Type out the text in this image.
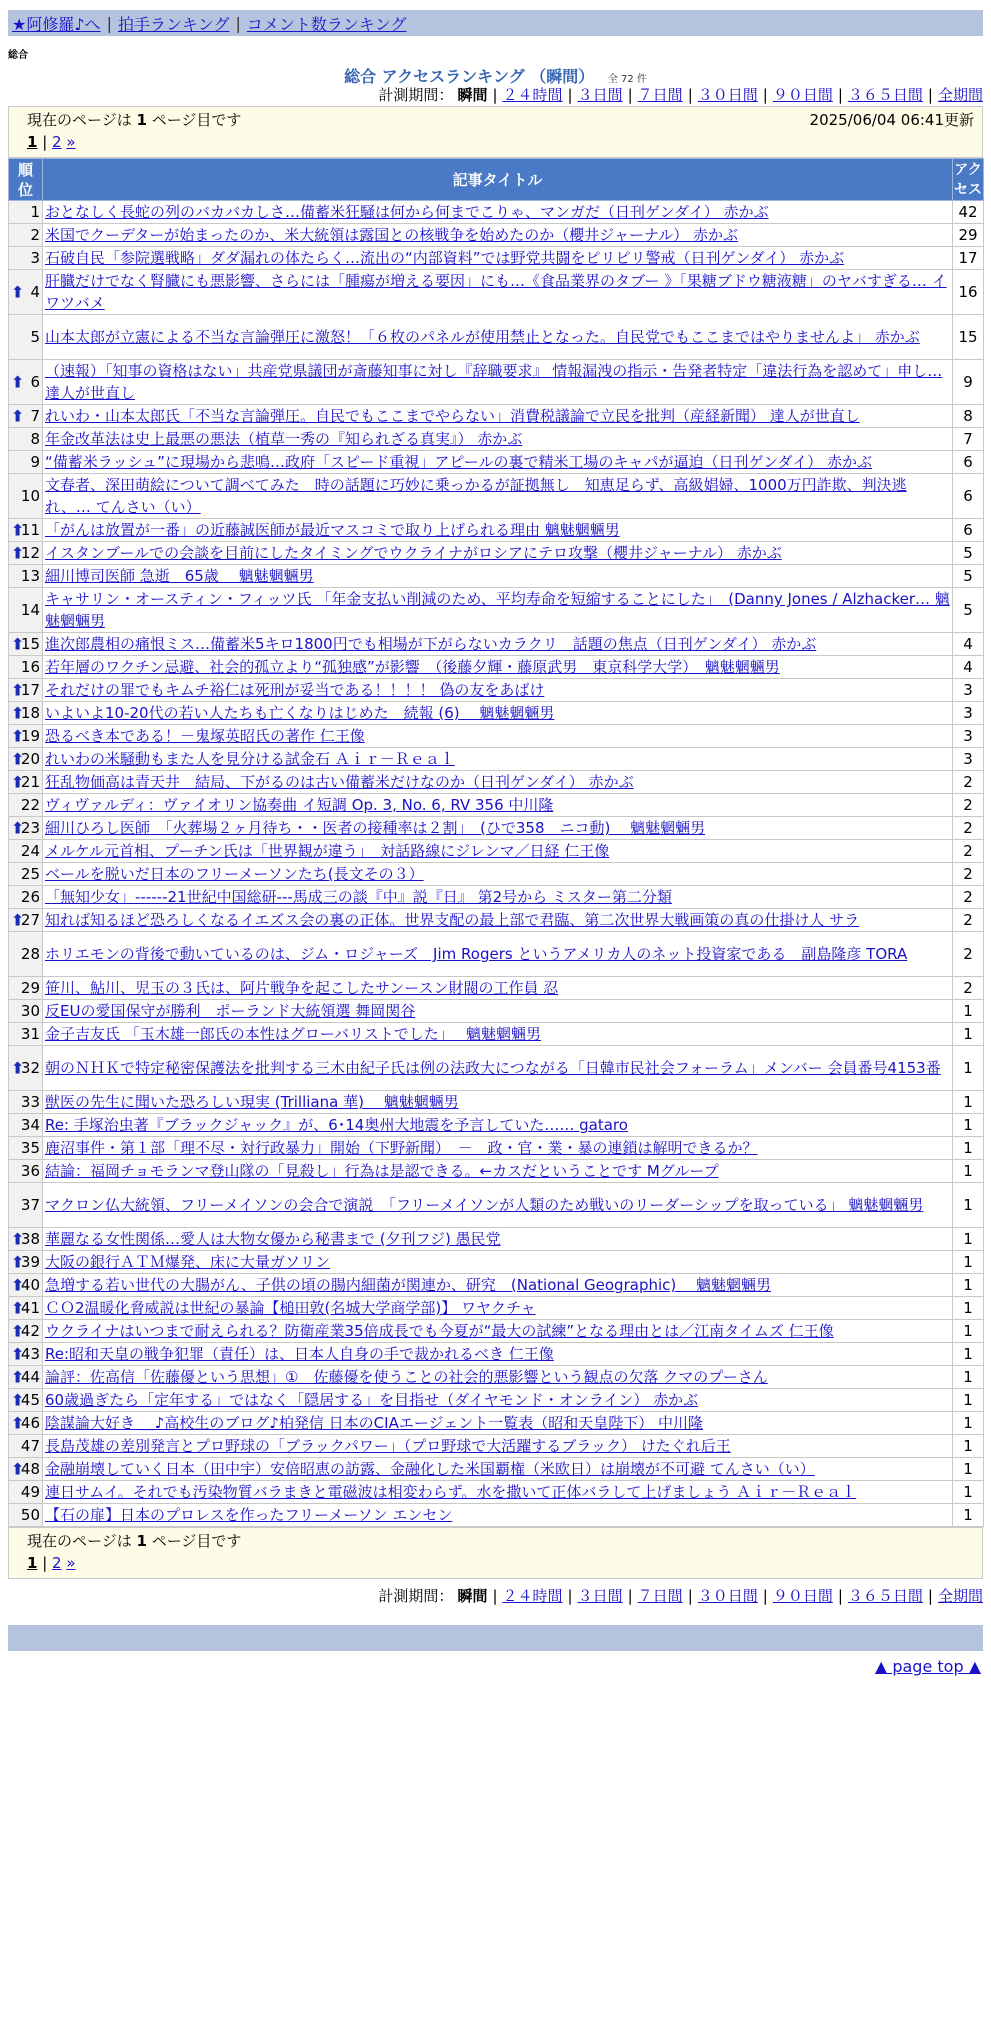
★阿修羅♪へ | 拍手ランキング | コメント数ランキング
総合
総合 アクセスランキング （瞬間） 全 72 件
計測期間： 瞬間 | ２４時間 | ３日間 | ７日間 | ３０日間 | ９０日間 | ３６５日間 | 全期間
現在のページは 1 ページ目です	2025/06/04 06:41更新
1 | 2 »
順位	記事タイトル	アクセス

1	おとなしく長蛇の列のバカバカしさ…備蓄米狂騒は何から何までこりゃ、マンガだ（日刊ゲンダイ） 赤かぶ	42
2	米国でクーデターが始まったのか、米大統領は露国との核戦争を始めたのか（櫻井ジャーナル） 赤かぶ	29
3	石破自民「参院選戦略」ダダ漏れの体たらく…流出の“内部資料”では野党共闘をピリピリ警戒（日刊ゲンダイ） 赤かぶ	17

⬆ 4	肝臓だけでなく腎臓にも悪影響、さらには「腫瘍が増える要因」にも…《食品業界のタブー 》「果糖ブドウ糖液糖」のヤバすぎる… イワツバメ	16
5	山本太郎が立憲による不当な言論弾圧に激怒！「６枚のパネルが使用禁止となった。自民党でもここまではやりませんよ」 赤かぶ	15

⬆ 6	（速報）「知事の資格はない」共産党県議団が斎藤知事に対し『辞職要求』 情報漏洩の指示・告発者特定「違法行為を認めて」申し… 達人が世直し	9

⬆ 7	れいわ・山本太郎氏「不当な言論弾圧。自民でもここまでやらない」消費税議論で立民を批判（産経新聞） 達人が世直し	8
8	年金改革法は史上最悪の悪法（植草一秀の『知られざる真実』） 赤かぶ	7
9	“備蓄米ラッシュ”に現場から悲鳴…政府「スピード重視」アピールの裏で精米工場のキャパが逼迫（日刊ゲンダイ） 赤かぶ	6
10	文春者、深田萌絵について調べてみた　時の話題に巧妙に乗っかるが証拠無し　知恵足らず、高級娼婦、1000万円詐欺、判決逃れ、… てんさい（い）	6

⬆
11	「がんは放置が一番」の近藤誠医師が最近マスコミで取り上げられる理由 魑魅魍魎男	6

⬆
12	イスタンブールでの会談を目前にしたタイミングでウクライナがロシアにテロ攻撃（櫻井ジャーナル） 赤かぶ	5
13	細川博司医師 急逝　65歳　 魑魅魍魎男	5
14	キャサリン・オースティン・フィッツ氏 「年金支払い削減のため、平均寿命を短縮することにした」　(Danny Jones / Alzhacker… 魑魅魍魎男	5

⬆
15	進次郎農相の痛恨ミス…備蓄米5キロ1800円でも相場が下がらないカラクリ　話題の焦点（日刊ゲンダイ） 赤かぶ	4
16	若年層のワクチン忌避、社会的孤立より“孤独感”が影響　（後藤夕輝・藤原武男　東京科学大学）　魑魅魍魎男	4

⬆
17	それだけの罪でもキムチ裕仁は死刑が妥当である！！！！ 偽の友をあばけ	3

⬆
18	いよいよ10-20代の若い人たちも亡くなりはじめた　続報 (6)　 魑魅魍魎男	3

⬆
19	恐るべき本である！－鬼塚英昭氏の著作 仁王像	3

⬆
20	れいわの米騒動もまた人を見分ける試金石 Ａｉｒ－Ｒｅａｌ	3

⬆
21	狂乱物価高は青天井　結局、下がるのは古い備蓄米だけなのか（日刊ゲンダイ） 赤かぶ	2
22	ヴィヴァルディ：ヴァイオリン協奏曲 イ短調 Op. 3, No. 6, RV 356 中川隆	2

⬆
23	細川ひろし医師　「火葬場２ヶ月待ち・・医者の接種率は２割」　(ひで358　ニコ動)　 魑魅魍魎男	2
24	メルケル元首相、プーチン氏は「世界観が違う」　対話路線にジレンマ／日経 仁王像	2
25	ベールを脱いだ日本のフリーメーソンたち(長文その３）	2
26	「無知少女」------21世紀中国総研---馬成三の談『中』説『日』 第2号から ミスター第二分類	2

⬆
27	知れば知るほど恐ろしくなるイエズス会の裏の正体。世界支配の最上部で君臨、第二次世界大戦画策の真の仕掛け人 サラ	2
28	ホリエモンの背後で動いているのは、ジム・ロジャーズ　Jim Rogers というアメリカ人のネット投資家である　副島隆彦 TORA	2
29	笹川、鮎川、児玉の３氏は、阿片戦争を起こしたサンースン財閥の工作員 忍	2
30	反EUの愛国保守が勝利　ポーランド大統領選 舞岡関谷	1
31	金子吉友氏 「玉木雄一郎氏の本性はグローバリストでした」　 魑魅魍魎男	1

⬆
32	朝のＮＨＫで特定秘密保護法を批判する三木由紀子氏は例の法政大につながる「日韓市民社会フォーラム」メンバー 会員番号4153番	1
33	獣医の先生に聞いた恐ろしい現実 (Trilliana 華)　 魑魅魍魎男	1
34	Re: 手塚治虫著『ブラックジャック』が、6･14奥州大地震を予言していた…… gataro	1
35	鹿沼事件・第１部「理不尽・対行政暴力」開始（下野新聞）　－　政・官・業・暴の連鎖は解明できるか？	1
36	結論：福岡チョモランマ登山隊の「見殺し」行為は是認できる。←カスだということです Mグループ	1
37	マクロン仏大統領、フリーメイソンの会合で演説　「フリーメイソンが人類のため戦いのリーダーシップを取っている」 魑魅魍魎男	1

⬆
38	華麗なる女性関係…愛人は大物女優から秘書まで (夕刊フジ) 愚民党	1

⬆
39	大阪の銀行ＡＴＭ爆発、床に大量ガソリン	1

⬆
40	急増する若い世代の大腸がん、子供の頃の腸内細菌が関連か、研究　(National Geographic)　 魑魅魍魎男	1

⬆
41	ＣＯ2温暖化脅威説は世紀の暴論【槌田敦(名城大学商学部)】 ワヤクチャ	1

⬆
42	ウクライナはいつまで耐えられる？防衛産業35倍成長でも今夏が“最大の試練”となる理由とは／江南タイムズ 仁王像	1

⬆
43	Re:昭和天皇の戦争犯罪（責任）は、日本人自身の手で裁かれるべき 仁王像	1

⬆
44	論評：佐高信「佐藤優という思想」①　佐藤優を使うことの社会的悪影響という観点の欠落 クマのプーさん	1

⬆
45	60歳過ぎたら「定年する」ではなく「隠居する」を目指せ（ダイヤモンド・オンライン） 赤かぶ	1

⬆
46	陰謀論大好き ＿♪高校生のブログ♪柏発信 日本のCIAエージェント一覧表（昭和天皇陛下） 中川隆	1
47	長島茂雄の差別発言とプロ野球の「ブラックパワー」（プロ野球で大活躍するブラック） けたぐれ后王	1

⬆
48	金融崩壊していく日本（田中宇）安倍昭恵の訪露、金融化した米国覇権（米欧日）は崩壊が不可避 てんさい（い）	1
49	連日サムイ。それでも汚染物質バラまきと電磁波は相変わらず。水を撒いて正体バラして上げましょう Ａｉｒ－Ｒｅａｌ	1
50	【石の扉】日本のプロレスを作ったフリーメーソン エンセン	1
現在のページは 1 ページ目です
1 | 2 »
計測期間： 瞬間 | ２４時間 | ３日間 | ７日間 | ３０日間 | ９０日間 | ３６５日間 | 全期間
▲ page top ▲
